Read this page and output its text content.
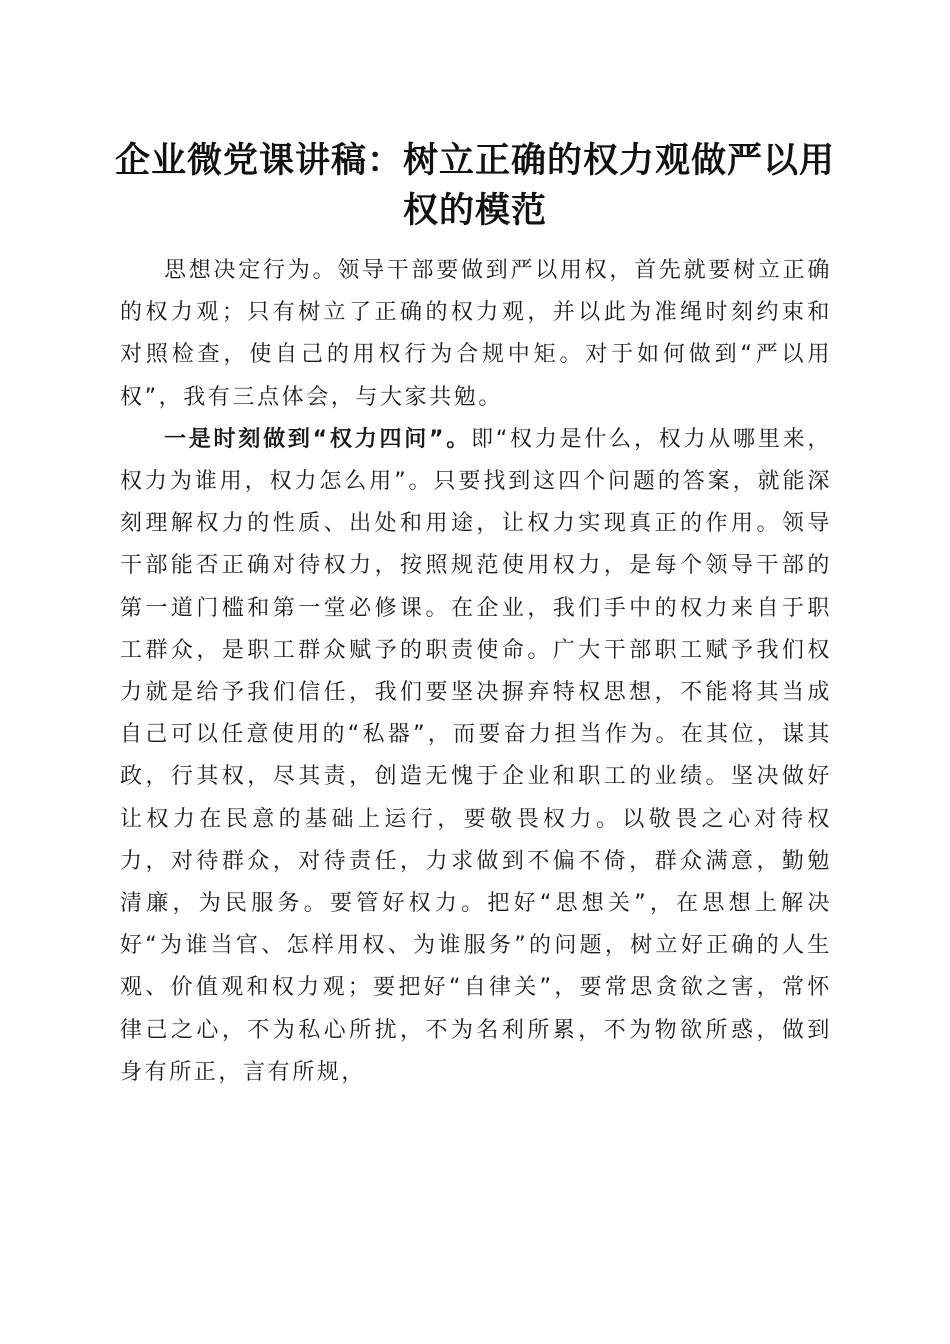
企业微党课讲稿：树立正确的权力观做严以用权的模范

思想决定行为。领导干部要做到严以用权，首先就要树立正确的权力观；只有树立了正确的权力观，并以此为准绳时刻约束和对照检查，使自己的用权行为合规中矩。对于如何做到“严以用权”，我有三点体会，与大家共勉。

一是时刻做到“权力四问”。即“权力是什么，权力从哪里来，权力为谁用，权力怎么用”。只要找到这四个问题的答案，就能深刻理解权力的性质、出处和用途，让权力实现真正的作用。领导干部能否正确对待权力，按照规范使用权力，是每个领导干部的第一道门槛和第一堂必修课。在企业，我们手中的权力来自于职工群众，是职工群众赋予的职责使命。广大干部职工赋予我们权力就是给予我们信任，我们要坚决摒弃特权思想，不能将其当成自己可以任意使用的“私器”，而要奋力担当作为。在其位，谋其政，行其权，尽其责，创造无愧于企业和职工的业绩。坚决做好让权力在民意的基础上运行，要敬畏权力。以敬畏之心对待权力，对待群众，对待责任，力求做到不偏不倚，群众满意，勤勉清廉，为民服务。要管好权力。把好“思想关”，在思想上解决好“为谁当官、怎样用权、为谁服务”的问题，树立好正确的人生观、价值观和权力观；要把好“自律关”，要常思贪欲之害，常怀律己之心，不为私心所扰，不为名利所累，不为物欲所惑，做到身有所正，言有所规，
